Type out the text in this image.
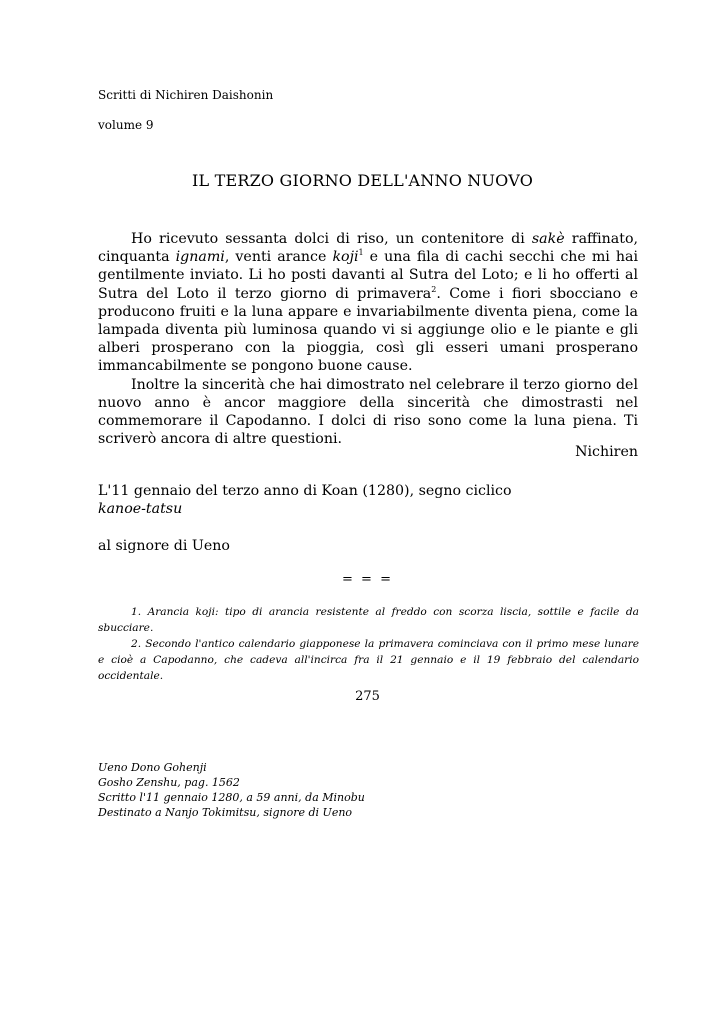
Scritti di Nichiren Daishonin
volume 9
IL TERZO GIORNO DELL'ANNO NUOVO

Ho ricevuto sessanta dolci di riso, un contenitore di sakè raffinato, cinquanta ignami, venti arance koji$^1$ e una fila di cachi secchi che mi hai gentilmente inviato. Li ho posti davanti al Sutra del Loto; e li ho offerti al Sutra del Loto il terzo giorno di primavera$^2$. Come i fiori sbocciano e producono fruiti e la luna appare e invariabilmente diventa piena, come la lampada diventa più luminosa quando vi si aggiunge olio e le piante e gli alberi prosperano con la pioggia, così gli esseri umani prosperano immancabilmente se pongono buone cause.

Inoltre la sincerità che hai dimostrato nel celebrare il terzo giorno del nuovo anno è ancor maggiore della sincerità che dimostrasti nel commemorare il Capodanno. I dolci di riso sono come la luna piena. Ti scriverò ancora di altre questioni.

Nichiren
L'11 gennaio del terzo anno di Koan (1280), segno ciclico
kanoe-tatsu
al signore di Ueno
= = =

1. Arancia koji: tipo di arancia resistente al freddo con scorza liscia, sottile e facile da sbucciare.

2. Secondo l'antico calendario giapponese la primavera cominciava con il primo mese lunare e cioè a Capodanno, che cadeva all'incirca fra il 21 gennaio e il 19 febbraio del calendario occidentale.

275
Ueno Dono Gohenji
Gosho Zenshu, pag. 1562
Scritto l'11 gennaio 1280, a 59 anni, da Minobu
Destinato a Nanjo Tokimitsu, signore di Ueno
